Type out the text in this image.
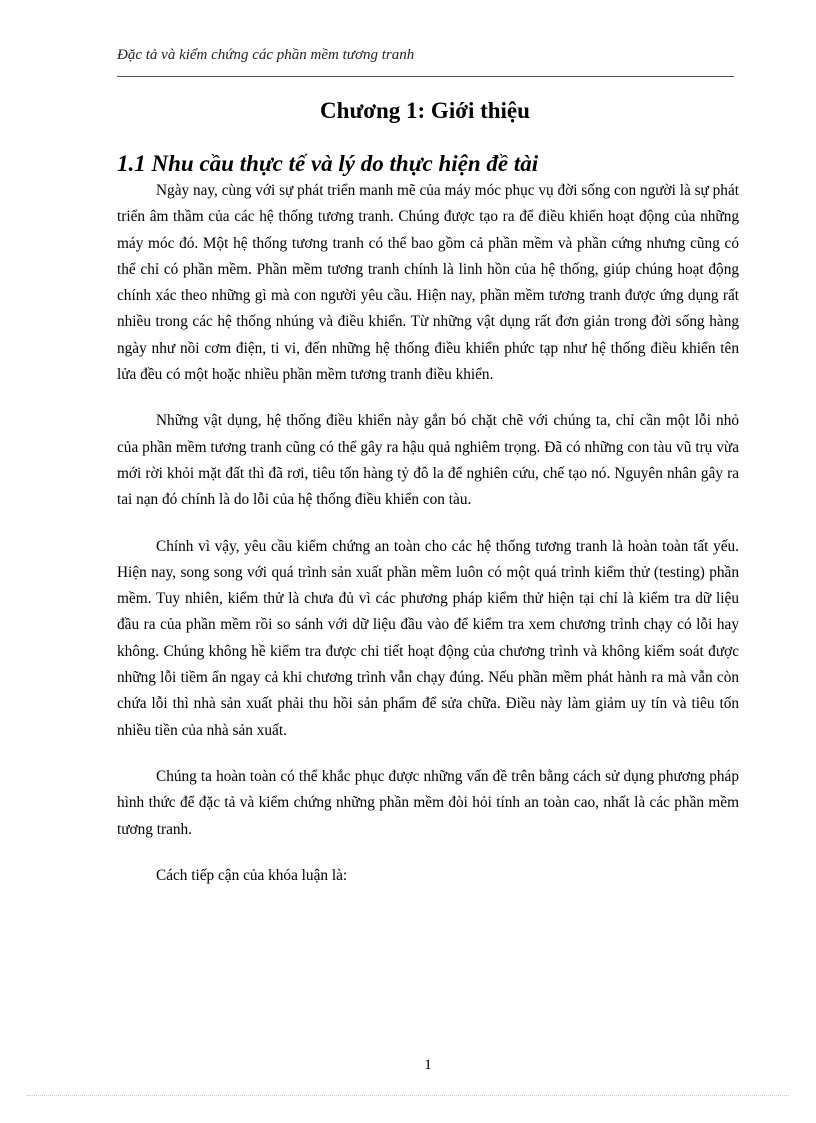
Đặc tả và kiểm chứng các phần mềm tương tranh
Chương 1: Giới thiệu
1.1 Nhu cầu thực tế và lý do thực hiện đề tài

Ngày nay, cùng với sự phát triển manh mẽ của máy móc phục vụ đời sống con người là sự phát triển âm thầm của các hệ thống tương tranh. Chúng được tạo ra để điều khiển hoạt động của những máy móc đó. Một hệ thống tương tranh có thể bao gồm cả phần mềm và phần cứng nhưng cũng có thể chỉ có phần mềm. Phần mềm tương tranh chính là linh hồn của hệ thống, giúp chúng hoạt động chính xác theo những gì mà con người yêu cầu. Hiện nay, phần mềm tương tranh được ứng dụng rất nhiều trong các hệ thống nhúng và điều khiển. Từ những vật dụng rất đơn giản trong đời sống hàng ngày như nồi cơm điện, ti vi, đến những hệ thống điều khiển phức tạp như hệ thống điều khiển tên lửa đều có một hoặc nhiều phần mềm tương tranh điều khiển.

Những vật dụng, hệ thống điều khiển này gắn bó chặt chẽ với chúng ta, chỉ cần một lỗi nhỏ của phần mềm tương tranh cũng có thể gây ra hậu quả nghiêm trọng. Đã có những con tàu vũ trụ vừa mới rời khỏi mặt đất thì đã rơi, tiêu tốn hàng tỷ đô la để nghiên cứu, chế tạo nó. Nguyên nhân gây ra tai nạn đó chính là do lỗi của hệ thống điều khiển con tàu.

Chính vì vậy, yêu cầu kiểm chứng an toàn cho các hệ thống tương tranh là hoàn toàn tất yếu. Hiện nay, song song với quá trình sản xuất phần mềm luôn có một quá trình kiểm thử (testing) phần mềm. Tuy nhiên, kiểm thử là chưa đủ vì các phương pháp kiểm thử hiện tại chỉ là kiểm tra dữ liệu đầu ra của phần mềm rồi so sánh với dữ liệu đầu vào để kiểm tra xem chương trình chạy có lỗi hay không. Chúng không hề kiểm tra được chi tiết hoạt động của chương trình và không kiểm soát được những lỗi tiềm ẩn ngay cả khi chương trình vẫn chạy đúng. Nếu phần mềm phát hành ra mà vẫn còn chứa lỗi thì nhà sản xuất phải thu hồi sản phẩm để sửa chữa. Điều này làm giảm uy tín và tiêu tốn nhiều tiền của nhà sản xuất.

Chúng ta hoàn toàn có thể khắc phục được những vấn đề trên bằng cách sử dụng phương pháp hình thức để đặc tả và kiểm chứng những phần mềm đòi hỏi tính an toàn cao, nhất là các phần mềm tương tranh.

Cách tiếp cận của khóa luận là:

1
